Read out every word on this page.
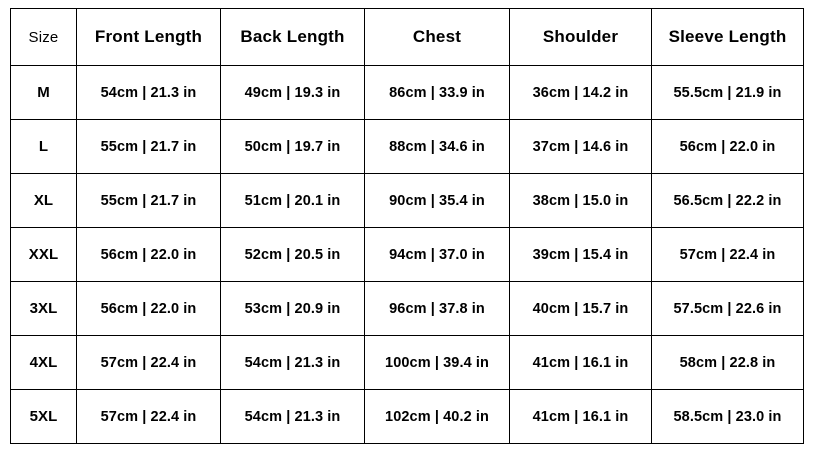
Size	Front Length	Back Length	Chest	Shoulder	Sleeve Length
M	54cm | 21.3 in	49cm | 19.3 in	86cm | 33.9 in	36cm | 14.2 in	55.5cm | 21.9 in
L	55cm | 21.7 in	50cm | 19.7 in	88cm | 34.6 in	37cm | 14.6 in	56cm | 22.0 in
XL	55cm | 21.7 in	51cm | 20.1 in	90cm | 35.4 in	38cm | 15.0 in	56.5cm | 22.2 in
XXL	56cm | 22.0 in	52cm | 20.5 in	94cm | 37.0 in	39cm | 15.4 in	57cm | 22.4 in
3XL	56cm | 22.0 in	53cm | 20.9 in	96cm | 37.8 in	40cm | 15.7 in	57.5cm | 22.6 in
4XL	57cm | 22.4 in	54cm | 21.3 in	100cm | 39.4 in	41cm | 16.1 in	58cm | 22.8 in
5XL	57cm | 22.4 in	54cm | 21.3 in	102cm | 40.2 in	41cm | 16.1 in	58.5cm | 23.0 in
